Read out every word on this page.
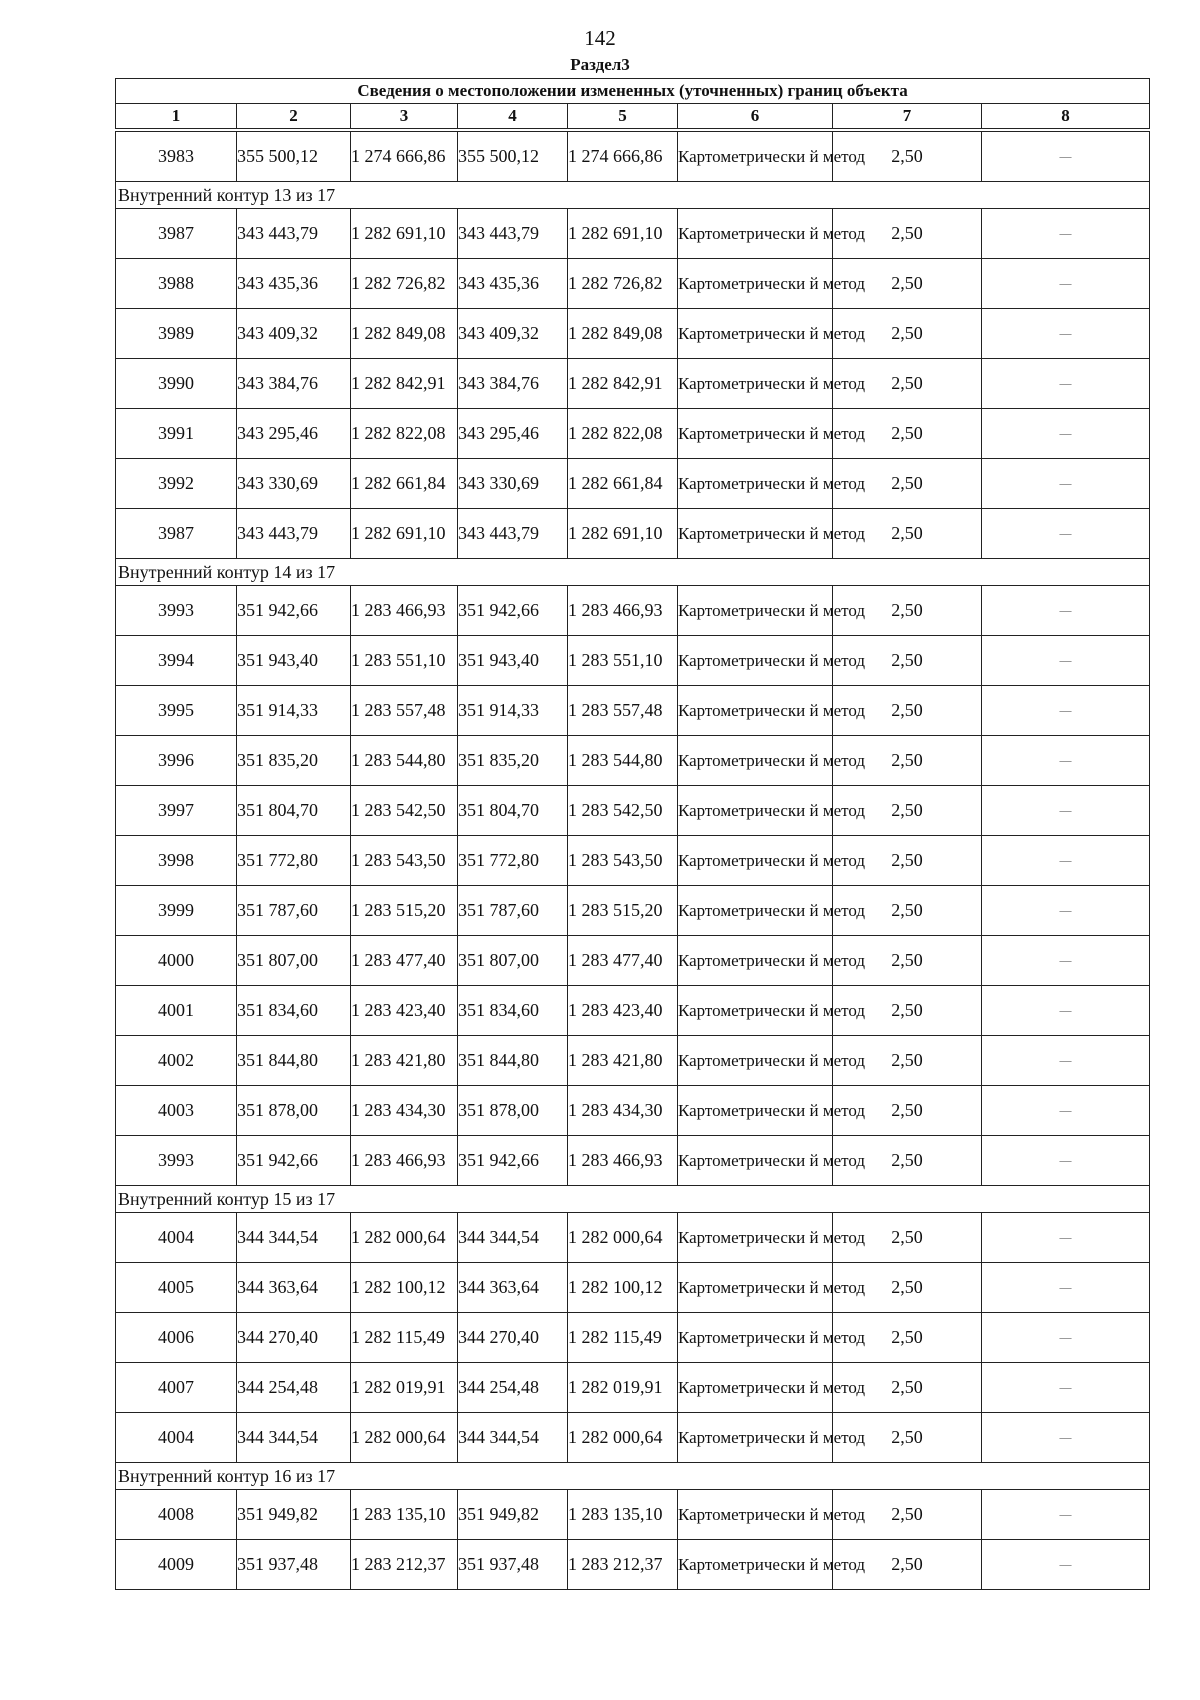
142
Раздел3
Сведения о местоположении измененных (уточненных) границ объекта							
1	2	3	4	5	6	7	8

3983	355 500,12	1 274 666,86	355 500,12	1 274 666,86	Картометрически й метод	2,50	—
Внутренний контур 13 из 17							
3987	343 443,79	1 282 691,10	343 443,79	1 282 691,10	Картометрически й метод	2,50	—
3988	343 435,36	1 282 726,82	343 435,36	1 282 726,82	Картометрически й метод	2,50	—
3989	343 409,32	1 282 849,08	343 409,32	1 282 849,08	Картометрически й метод	2,50	—
3990	343 384,76	1 282 842,91	343 384,76	1 282 842,91	Картометрически й метод	2,50	—
3991	343 295,46	1 282 822,08	343 295,46	1 282 822,08	Картометрически й метод	2,50	—
3992	343 330,69	1 282 661,84	343 330,69	1 282 661,84	Картометрически й метод	2,50	—
3987	343 443,79	1 282 691,10	343 443,79	1 282 691,10	Картометрически й метод	2,50	—
Внутренний контур 14 из 17							
3993	351 942,66	1 283 466,93	351 942,66	1 283 466,93	Картометрически й метод	2,50	—
3994	351 943,40	1 283 551,10	351 943,40	1 283 551,10	Картометрически й метод	2,50	—
3995	351 914,33	1 283 557,48	351 914,33	1 283 557,48	Картометрически й метод	2,50	—
3996	351 835,20	1 283 544,80	351 835,20	1 283 544,80	Картометрически й метод	2,50	—
3997	351 804,70	1 283 542,50	351 804,70	1 283 542,50	Картометрически й метод	2,50	—
3998	351 772,80	1 283 543,50	351 772,80	1 283 543,50	Картометрически й метод	2,50	—
3999	351 787,60	1 283 515,20	351 787,60	1 283 515,20	Картометрически й метод	2,50	—
4000	351 807,00	1 283 477,40	351 807,00	1 283 477,40	Картометрически й метод	2,50	—
4001	351 834,60	1 283 423,40	351 834,60	1 283 423,40	Картометрически й метод	2,50	—
4002	351 844,80	1 283 421,80	351 844,80	1 283 421,80	Картометрически й метод	2,50	—
4003	351 878,00	1 283 434,30	351 878,00	1 283 434,30	Картометрически й метод	2,50	—
3993	351 942,66	1 283 466,93	351 942,66	1 283 466,93	Картометрически й метод	2,50	—
Внутренний контур 15 из 17							
4004	344 344,54	1 282 000,64	344 344,54	1 282 000,64	Картометрически й метод	2,50	—
4005	344 363,64	1 282 100,12	344 363,64	1 282 100,12	Картометрически й метод	2,50	—
4006	344 270,40	1 282 115,49	344 270,40	1 282 115,49	Картометрически й метод	2,50	—
4007	344 254,48	1 282 019,91	344 254,48	1 282 019,91	Картометрически й метод	2,50	—
4004	344 344,54	1 282 000,64	344 344,54	1 282 000,64	Картометрически й метод	2,50	—
Внутренний контур 16 из 17							
4008	351 949,82	1 283 135,10	351 949,82	1 283 135,10	Картометрически й метод	2,50	—
4009	351 937,48	1 283 212,37	351 937,48	1 283 212,37	Картометрически й метод	2,50	—
